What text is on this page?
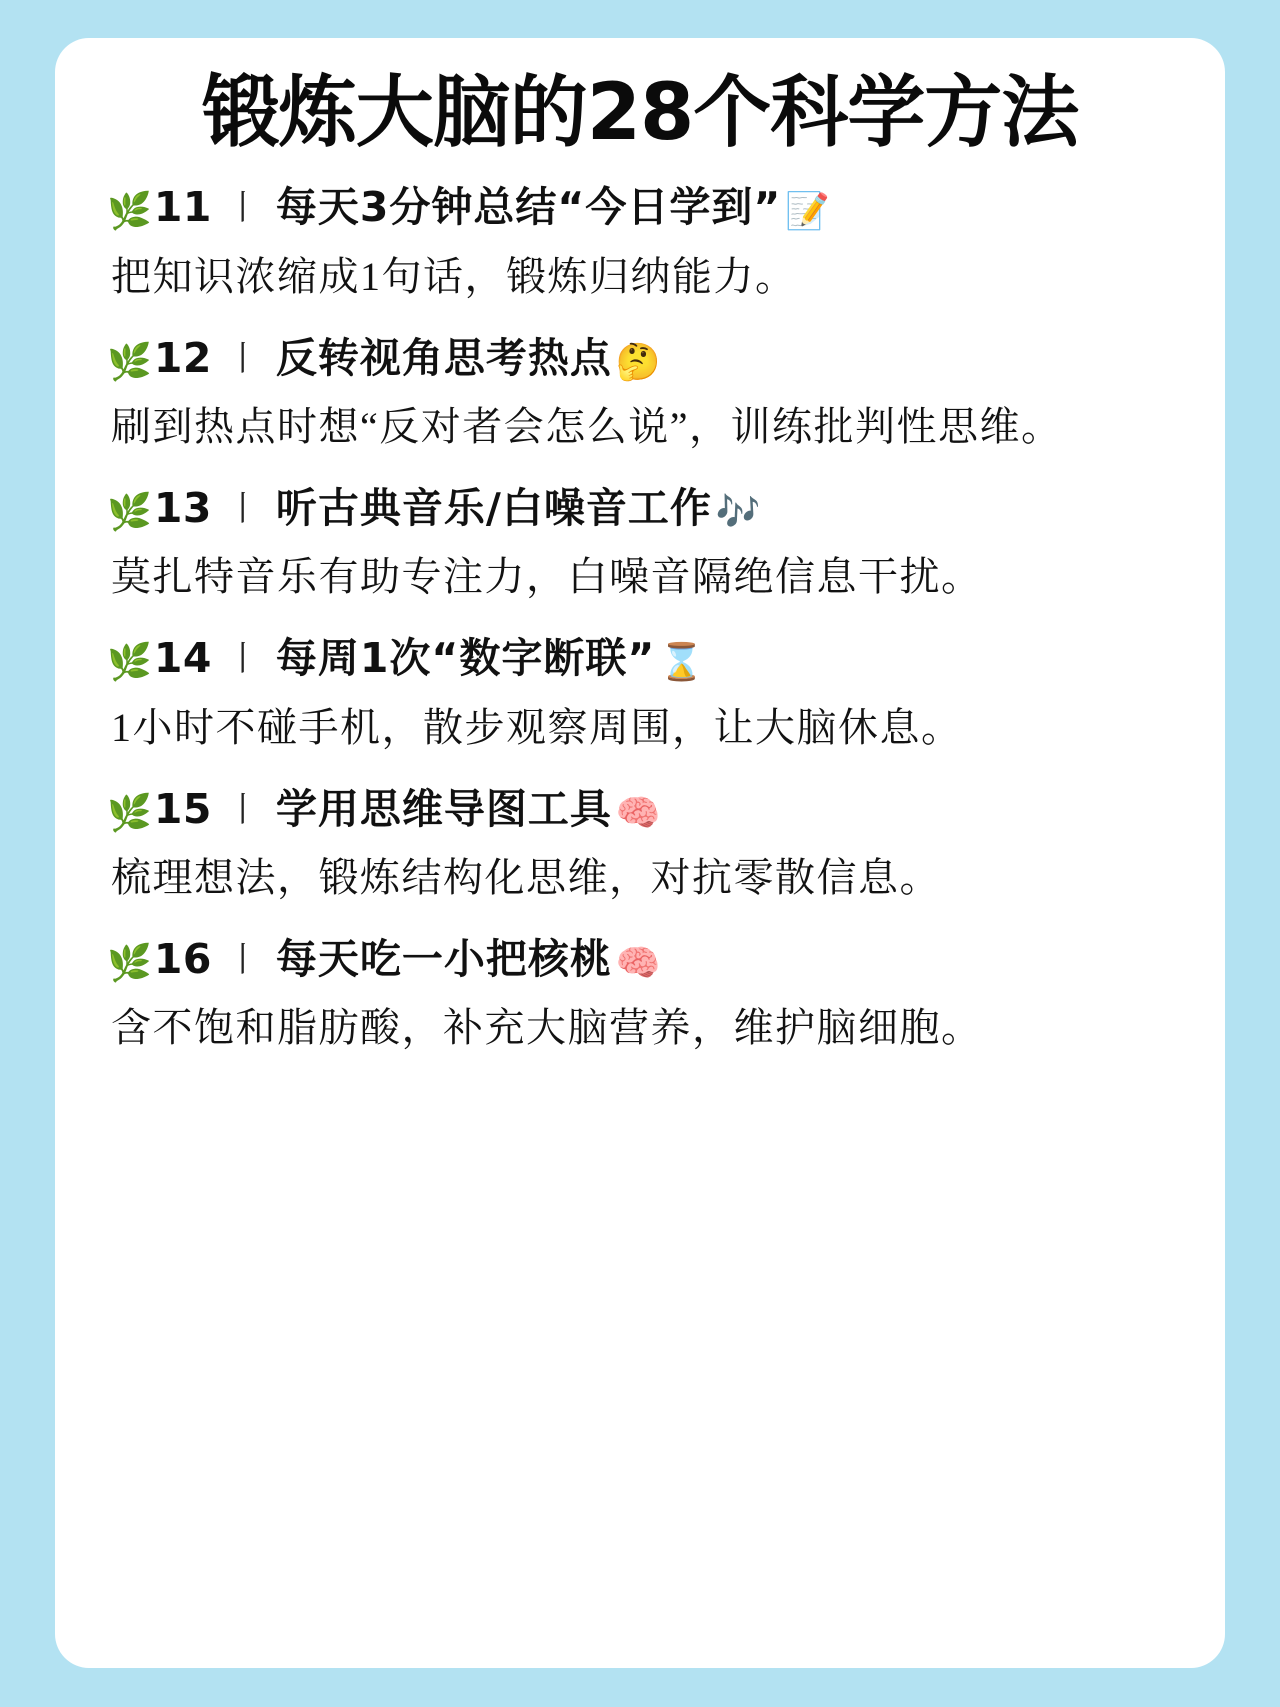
锻炼大脑的28个科学方法
🌿 11 丨 每天3分钟总结“今日学到” 📝
把知识浓缩成1句话，锻炼归纳能力。
🌿 12 丨 反转视角思考热点 🤔
刷到热点时想“反对者会怎么说”，训练批判性思维。
🌿 13 丨 听古典音乐/白噪音工作 🎶
莫扎特音乐有助专注力，白噪音隔绝信息干扰。
🌿 14 丨 每周1次“数字断联” ⌛
1小时不碰手机，散步观察周围，让大脑休息。
🌿 15 丨 学用思维导图工具 🧠
梳理想法，锻炼结构化思维，对抗零散信息。
🌿 16 丨 每天吃一小把核桃 🧠
含不饱和脂肪酸，补充大脑营养，维护脑细胞。
